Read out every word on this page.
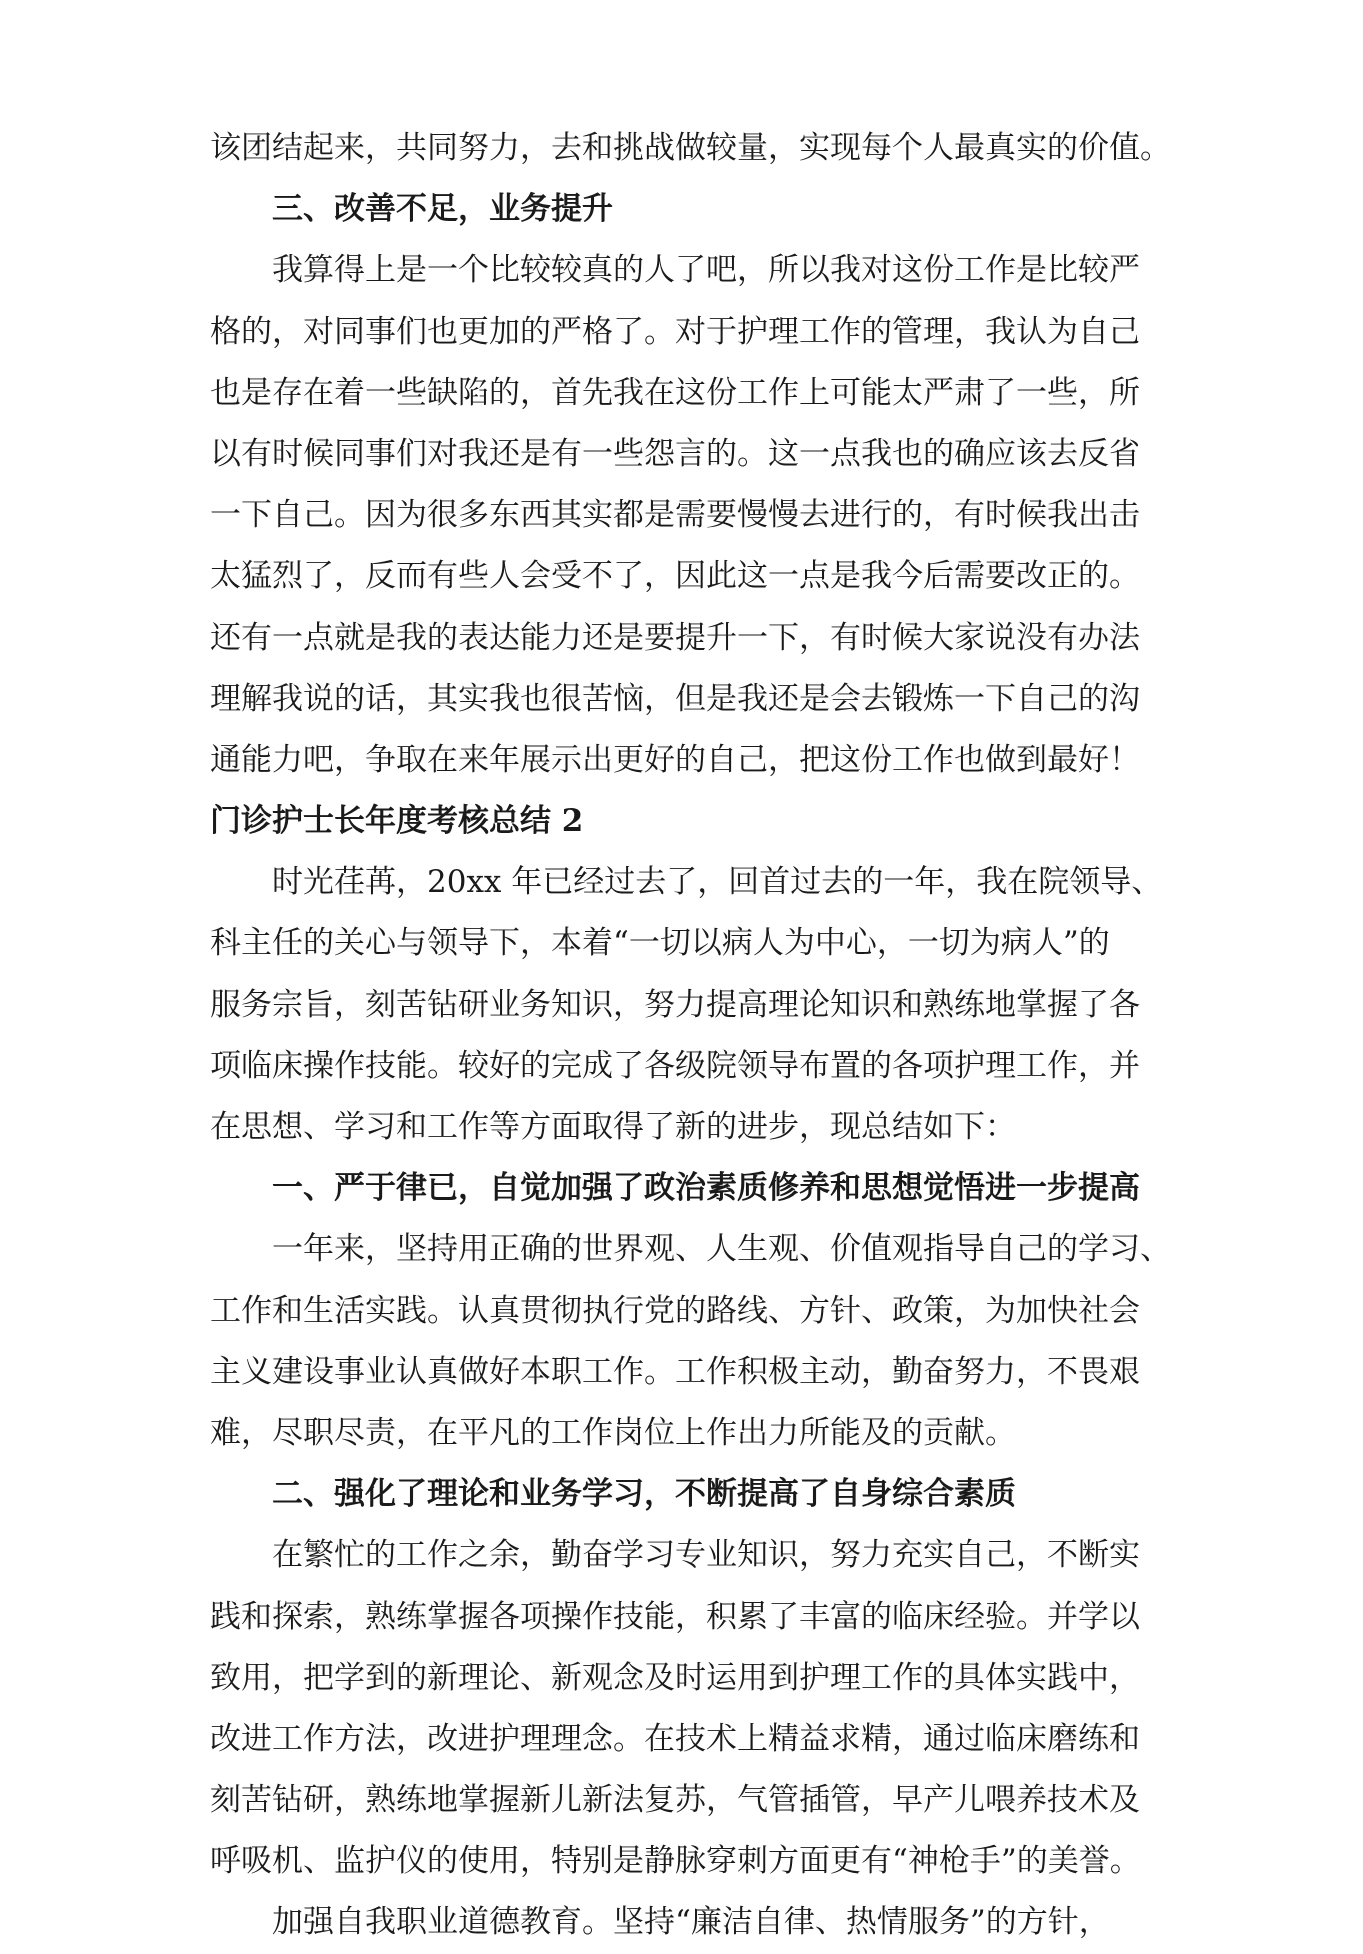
该团结起来，共同努力，去和挑战做较量，实现每个人最真实的价值。
三、改善不足，业务提升
我算得上是一个比较较真的人了吧，所以我对这份工作是比较严
格的，对同事们也更加的严格了。对于护理工作的管理，我认为自己
也是存在着一些缺陷的，首先我在这份工作上可能太严肃了一些，所
以有时候同事们对我还是有一些怨言的。这一点我也的确应该去反省
一下自己。因为很多东西其实都是需要慢慢去进行的，有时候我出击
太猛烈了，反而有些人会受不了，因此这一点是我今后需要改正的。
还有一点就是我的表达能力还是要提升一下，有时候大家说没有办法
理解我说的话，其实我也很苦恼，但是我还是会去锻炼一下自己的沟
通能力吧，争取在来年展示出更好的自己，把这份工作也做到最好！
门诊护士长年度考核总结 2
时光荏苒，20xx 年已经过去了，回首过去的一年，我在院领导、
科主任的关心与领导下，本着“一切以病人为中心，一切为病人”的
服务宗旨，刻苦钻研业务知识，努力提高理论知识和熟练地掌握了各
项临床操作技能。较好的完成了各级院领导布置的各项护理工作，并
在思想、学习和工作等方面取得了新的进步，现总结如下：
一、严于律已，自觉加强了政治素质修养和思想觉悟进一步提高
一年来，坚持用正确的世界观、人生观、价值观指导自己的学习、
工作和生活实践。认真贯彻执行党的路线、方针、政策，为加快社会
主义建设事业认真做好本职工作。工作积极主动，勤奋努力，不畏艰
难，尽职尽责，在平凡的工作岗位上作出力所能及的贡献。
二、强化了理论和业务学习，不断提高了自身综合素质
在繁忙的工作之余，勤奋学习专业知识，努力充实自己，不断实
践和探索，熟练掌握各项操作技能，积累了丰富的临床经验。并学以
致用，把学到的新理论、新观念及时运用到护理工作的具体实践中，
改进工作方法，改进护理理念。在技术上精益求精，通过临床磨练和
刻苦钻研，熟练地掌握新儿新法复苏，气管插管，早产儿喂养技术及
呼吸机、监护仪的使用，特别是静脉穿刺方面更有“神枪手”的美誉。
加强自我职业道德教育。坚持“廉洁自律、热情服务”的方针，
